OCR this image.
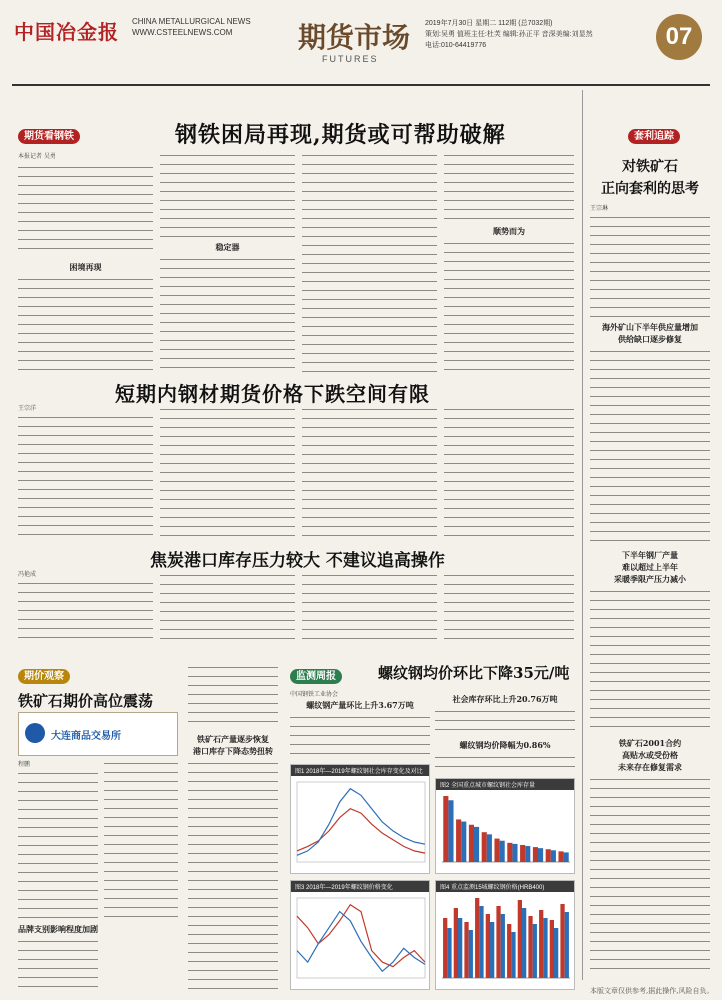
中国冶金报 CHINA METALLURGICAL NEWS
WWW.CSTEELNEWS.COM	期货市场
FUTURES
2019年7月30日 星期二 112期 (总7032期)
策划:吴勇 值班主任:杜芙 编辑:孙正平 音深美编:刘显然
电话:010-64419776	07
期货看钢铁	钢铁困局再现,期货或可帮助破解
本报记者 吴勇
困境再现
稳定器
顺势而为
短期内钢材期货价格下跌空间有限
王宗洋
焦炭港口库存压力较大 不建议追高操作
冯艳成
期价观察
铁矿石期价高位震荡
大连商品交易所
程鹏
品牌支别影响程度加剧
铁矿石产量逐步恢复
港口库存下降态势扭转
监测周报	螺纹钢均价环比下降35元/吨
中国钢铁工业协会
螺纹钢产量环比上升3.67万吨
社会库存环比上升20.76万吨
螺纹钢均价降幅为0.86%
图1 2018年—2019年螺纹钢社会库存变化及对比
图2 全国重点城市螺纹钢社会库存量
图3 2018年—2019年螺纹钢价格变化	图4 重点监测15城螺纹钢价格(HRB400)
套利追踪
对铁矿石
正向套利的思考
王宗琳
海外矿山下半年供应量增加
供给缺口逐步修复
下半年钢厂产量
难以超过上半年
采暖季限产压力减小
铁矿石2001合约
高贴水或受份格
未来存在修复需求
本版文章仅供参考,据此操作,风险自负。
